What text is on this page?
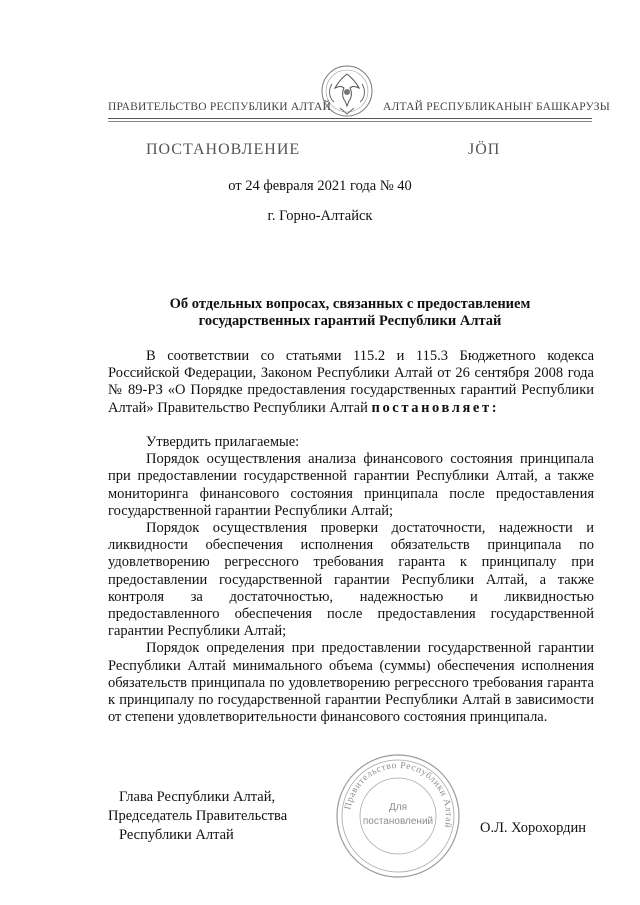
ПРАВИТЕЛЬСТВО РЕСПУБЛИКИ АЛТАЙ	АЛТАЙ РЕСПУБЛИКАНЫҤ БАШКАРУЗЫ
ПОСТАНОВЛЕНИЕ	ЈӦП
от 24 февраля 2021 года № 40
г. Горно-Алтайск
Об отдельных вопросах, связанных с предоставлением
государственных гарантий Республики Алтай

В соответствии со статьями 115.2 и 115.3 Бюджетного кодекса Российской Федерации, Законом Республики Алтай от 26 сентября 2008 года № 89-РЗ «О Порядке предоставления государственных гарантий Республики Алтай» Правительство Республики Алтай постановляет:

Утвердить прилагаемые:

Порядок осуществления анализа финансового состояния принципала при предоставлении государственной гарантии Республики Алтай, а также мониторинга финансового состояния принципала после предоставления государственной гарантии Республики Алтай;

Порядок осуществления проверки достаточности, надежности и ликвидности обеспечения исполнения обязательств принципала по удовлетворению регрессного требования гаранта к принципалу при предоставлении государственной гарантии Республики Алтай, а также контроля за достаточностью, надежностью и ликвидностью предоставленного обеспечения после предоставления государственной гарантии Республики Алтай;

Порядок определения при предоставлении государственной гарантии Республики Алтай минимального объема (суммы) обеспечения исполнения обязательств принципала по удовлетворению регрессного требования гаранта к принципалу по государственной гарантии Республики Алтай в зависимости от степени удовлетворительности финансового состояния принципала.

Глава Республики Алтай,
Председатель Правительства
Республики Алтай	О.Л. Хорохордин
Правительство Республики Алтай
Для
постановлений
